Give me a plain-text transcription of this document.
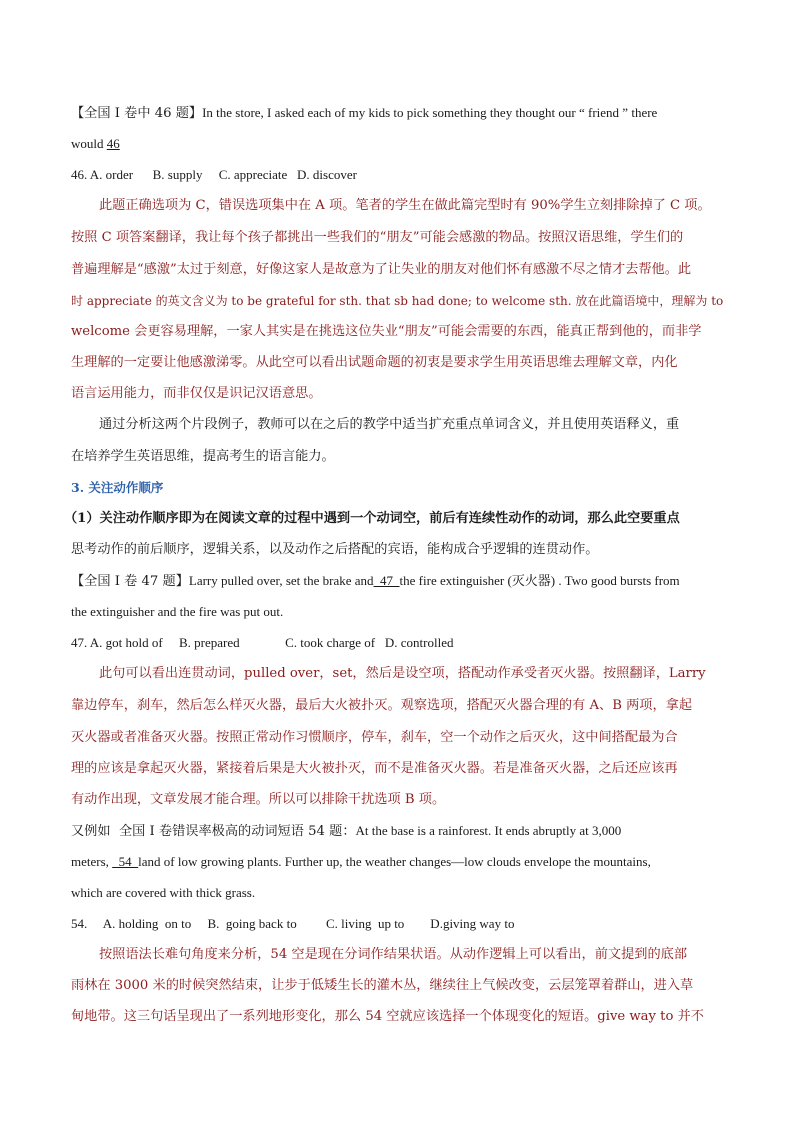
【全国 I 卷中 46 题】In the store, I asked each of my kids to pick something they thought our “ friend ” there
would 46
46. A. order      B. supply     C. appreciate   D. discover
此题正确选项为 C，错误选项集中在 A 项。笔者的学生在做此篇完型时有 90%学生立刻排除掉了 C 项。
按照 C 项答案翻译，我让每个孩子都挑出一些我们的“朋友”可能会感激的物品。按照汉语思维，学生们的
普遍理解是“感激”太过于刻意，好像这家人是故意为了让失业的朋友对他们怀有感激不尽之情才去帮他。此
时 appreciate 的英文含义为 to be grateful for sth. that sb had done; to welcome sth. 放在此篇语境中，理解为 to
welcome 会更容易理解，一家人其实是在挑选这位失业“朋友”可能会需要的东西，能真正帮到他的，而非学
生理解的一定要让他感激涕零。从此空可以看出试题命题的初衷是要求学生用英语思维去理解文章，内化
语言运用能力，而非仅仅是识记汉语意思。
通过分析这两个片段例子，教师可以在之后的教学中适当扩充重点单词含义，并且使用英语释义，重
在培养学生英语思维，提高考生的语言能力。
3. 关注动作顺序
（1）关注动作顺序即为在阅读文章的过程中遇到一个动词空，前后有连续性动作的动词，那么此空要重点
思考动作的前后顺序，逻辑关系，以及动作之后搭配的宾语，能构成合乎逻辑的连贯动作。
【全国 I 卷 47 题】Larry pulled over, set the brake and  47  the fire extinguisher (灭火器) . Two good bursts from
the extinguisher and the fire was put out.
47. A. got hold of     B. prepared              C. took charge of   D. controlled
此句可以看出连贯动词，pulled over，set，然后是设空项，搭配动作承受者灭火器。按照翻译，Larry
靠边停车，刹车，然后怎么样灭火器，最后大火被扑灭。观察选项，搭配灭火器合理的有 A、B 两项，拿起
灭火器或者准备灭火器。按照正常动作习惯顺序，停车，刹车，空一个动作之后灭火，这中间搭配最为合
理的应该是拿起灭火器，紧接着后果是大火被扑灭，而不是准备灭火器。若是准备灭火器，之后还应该再
有动作出现，文章发展才能合理。所以可以排除干扰选项 B 项。
又例如  全国 I 卷错误率极高的动词短语 54 题：At the base is a rainforest. It ends abruptly at 3,000
meters,   54  land of low growing plants. Further up, the weather changes—low clouds envelope the mountains,
which are covered with thick grass.
54.     A. holding  on to     B.  going back to         C. living  up to        D.giving way to
按照语法长难句角度来分析，54 空是现在分词作结果状语。从动作逻辑上可以看出，前文提到的底部
雨林在 3000 米的时候突然结束，让步于低矮生长的灌木丛，继续往上气候改变，云层笼罩着群山，进入草
甸地带。这三句话呈现出了一系列地形变化，那么 54 空就应该选择一个体现变化的短语。give way to 并不
